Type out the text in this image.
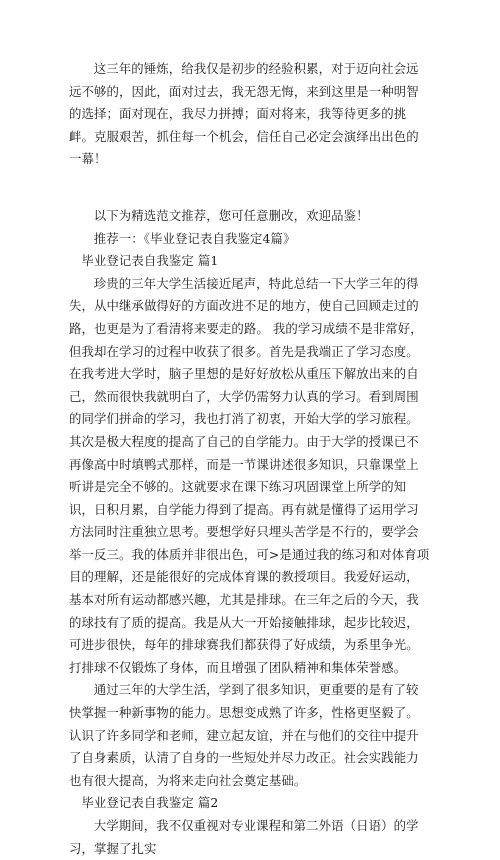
这三年的锤炼，给我仅是初步的经验积累，对于迈向社会远远不够的，因此，面对过去，我无怨无悔，来到这里是一种明智的选择；面对现在，我尽力拼搏；面对将来，我等待更多的挑衅。克服艰苦，抓住每一个机会，信任自己必定会演绎出出色的一幕！

以下为精选范文推荐，您可任意删改，欢迎品鉴！

推荐一：《毕业登记表自我鉴定4篇》

毕业登记表自我鉴定 篇1

珍贵的三年大学生活接近尾声，特此总结一下大学三年的得失，从中继承做得好的方面改进不足的地方，使自己回顾走过的路，也更是为了看清将来要走的路。 我的学习成绩不是非常好，但我却在学习的过程中收获了很多。首先是我端正了学习态度。在我考进大学时，脑子里想的是好好放松从重压下解放出来的自己，然而很快我就明白了，大学仍需努力认真的学习。看到周围的同学们拼命的学习，我也打消了初衷，开始大学的学习旅程。其次是极大程度的提高了自己的自学能力。由于大学的授课已不再像高中时填鸭式那样，而是一节课讲述很多知识，只靠课堂上听讲是完全不够的。这就要求在课下练习巩固课堂上所学的知识，日积月累，自学能力得到了提高。再有就是懂得了运用学习方法同时注重独立思考。要想学好只埋头苦学是不行的，要学会举一反三。我的体质并非很出色，可>是通过我的练习和对体育项目的理解，还是能很好的完成体育课的教授项目。我爱好运动，基本对所有运动都感兴趣，尤其是排球。在三年之后的今天，我的球技有了质的提高。我是从大一开始接触排球，起步比较迟，可进步很快，每年的排球赛我们都获得了好成绩，为系里争光。打排球不仅锻炼了身体，而且增强了团队精神和集体荣誉感。

通过三年的大学生活，学到了很多知识，更重要的是有了较快掌握一种新事物的能力。思想变成熟了许多，性格更坚毅了。认识了许多同学和老师，建立起友谊，并在与他们的交往中提升了自身素质，认清了自身的一些短处并尽力改正。社会实践能力也有很大提高，为将来走向社会奠定基础。

毕业登记表自我鉴定 篇2

大学期间，我不仅重视对专业课程和第二外语（日语）的学习，掌握了扎实
